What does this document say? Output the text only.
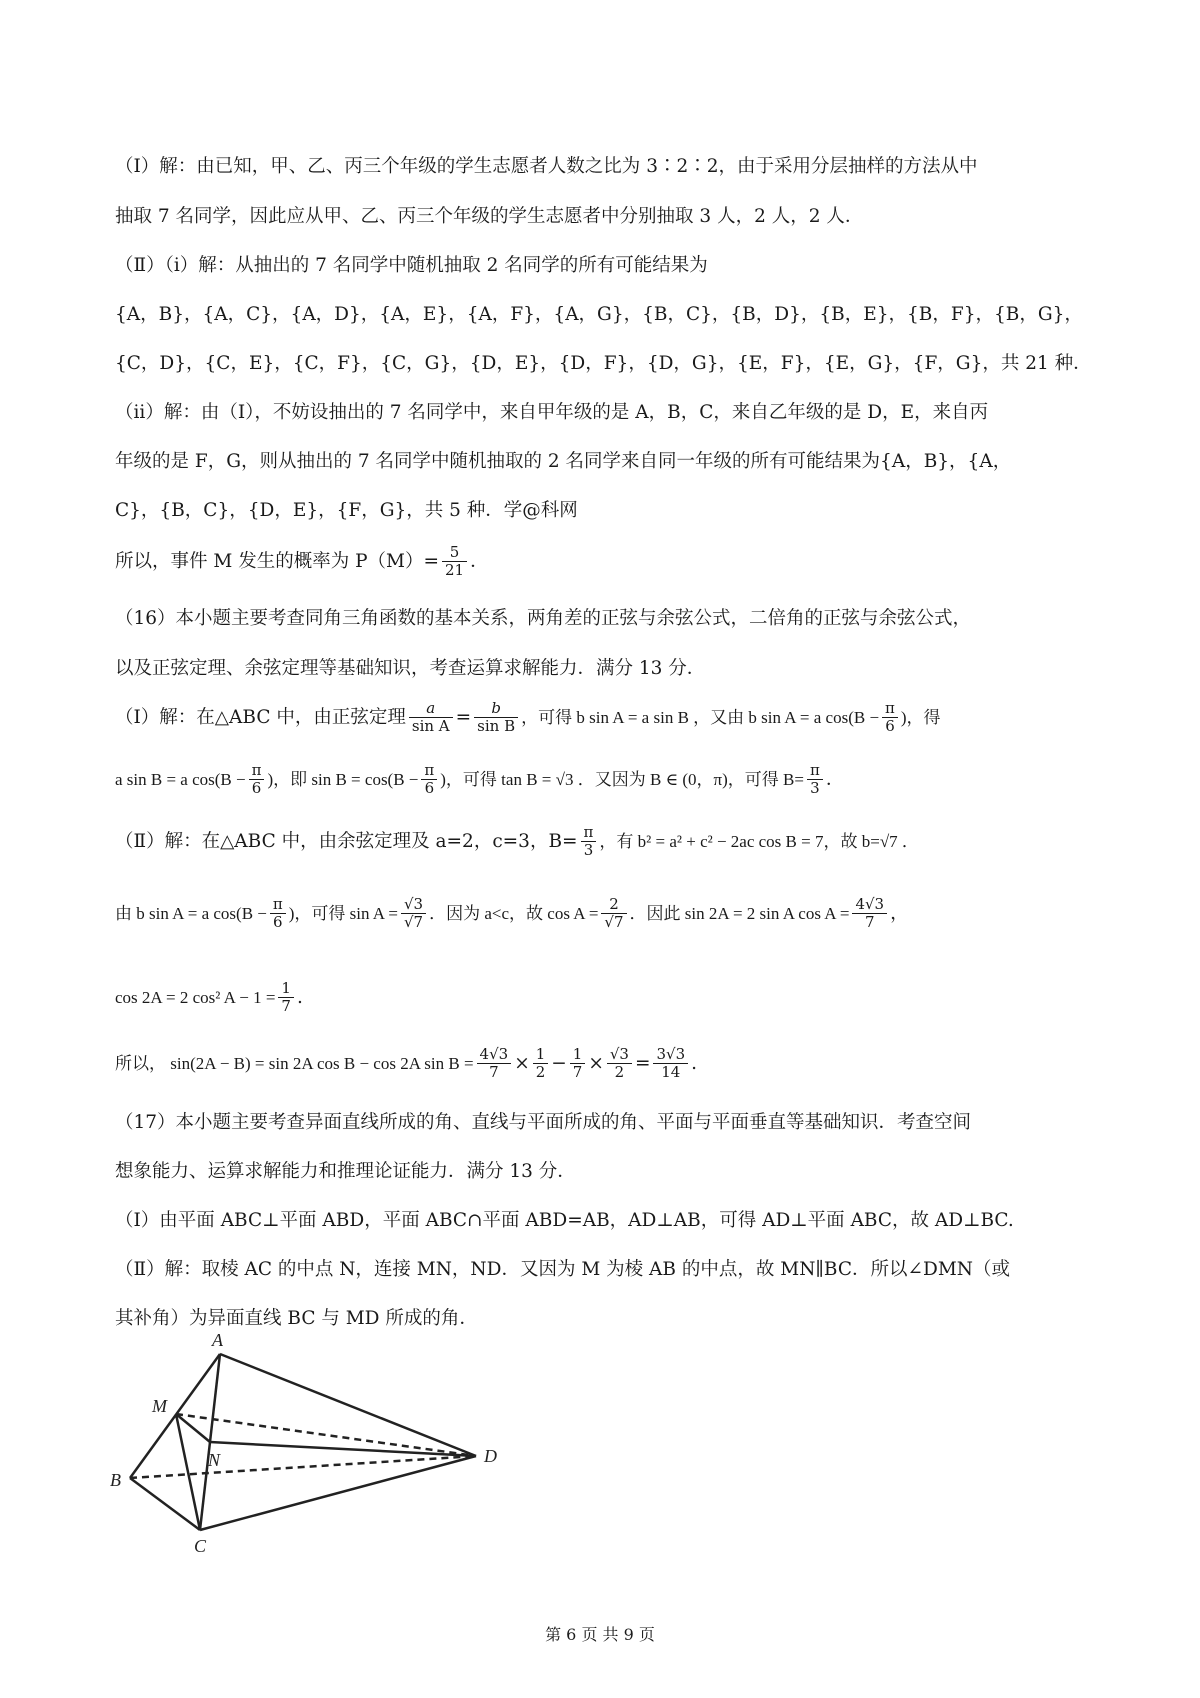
（Ⅰ）解：由已知，甲、乙、丙三个年级的学生志愿者人数之比为 3∶2∶2，由于采用分层抽样的方法从中
抽取 7 名同学，因此应从甲、乙、丙三个年级的学生志愿者中分别抽取 3 人，2 人，2 人．
（Ⅱ）（i）解：从抽出的 7 名同学中随机抽取 2 名同学的所有可能结果为
{A，B}，{A，C}，{A，D}，{A，E}，{A，F}，{A，G}，{B，C}，{B，D}，{B，E}，{B，F}，{B，G}，
{C，D}，{C，E}，{C，F}，{C，G}，{D，E}，{D，F}，{D，G}，{E，F}，{E，G}，{F，G}，共 21 种．
（ii）解：由（Ⅰ），不妨设抽出的 7 名同学中，来自甲年级的是 A，B，C，来自乙年级的是 D，E，来自丙
年级的是 F，G，则从抽出的 7 名同学中随机抽取的 2 名同学来自同一年级的所有可能结果为{A，B}，{A，
C}，{B，C}，{D，E}，{F，G}，共 5 种．学@科网
所以，事件 M 发生的概率为 $P(M)= \frac{5}{21}$ ．
（16）本小题主要考查同角三角函数的基本关系，两角差的正弦与余弦公式，二倍角的正弦与余弦公式，
以及正弦定理、余弦定理等基础知识，考查运算求解能力．满分 13 分．
（Ⅰ）解：在△ABC 中，由正弦定理 $\frac{a}{\text{sin A}} = \frac{b}{\text{sin B}}$ ，可得 b sin A = a sin B ，又由 b sin A = a $\cos(B - \frac{\pi}{6}$ )，得
a sin B = a $\cos(B - \frac{\pi}{6}$ )，即 $\sin B = \cos(B - \frac{\pi}{6}$ )，可得 tan B = √3 ．又因为 B ∈ (0，π)，可得 $B= \frac{\pi}{3}$ ．
（Ⅱ）解：在△ABC 中，由余弦定理及 a=2，c=3，$B= \frac{\pi}{3}$ ，有 b² = a² + c² − 2ac cos B = 7，故 b=√7 ．
由 b sin A = a $\cos(B - \frac{\pi}{6}$ )，可得 $\sin A = \frac{√3}{√7}$ ．因为 a<c，故 $\cos A = \frac{2}{√7}$ ．因此 sin 2A = 2 sin A $\cos A = \frac{4√3}{7}$ ，
cos 2A = 2 cos² $A - 1 = \frac{1}{7}$ .
所以， sin(2A − B) = sin 2A cos B − cos 2A $\sin B = \frac{4√3}{7} \times \frac{1}{2} - \frac{1}{7} \times \frac{√3}{2} = \frac{3√3}{14}$ .
（17）本小题主要考查异面直线所成的角、直线与平面所成的角、平面与平面垂直等基础知识．考查空间
想象能力、运算求解能力和推理论证能力．满分 13 分．
（Ⅰ）由平面 ABC⊥平面 ABD，平面 ABC∩平面 ABD=AB，AD⊥AB，可得 AD⊥平面 ABC，故 AD⊥BC.
（Ⅱ）解：取棱 AC 的中点 N，连接 MN，ND．又因为 M 为棱 AB 的中点，故 MN∥BC．所以∠DMN（或
其补角）为异面直线 BC 与 MD 所成的角．
A
M
N
B
C
D
第 6 页 共 9 页
